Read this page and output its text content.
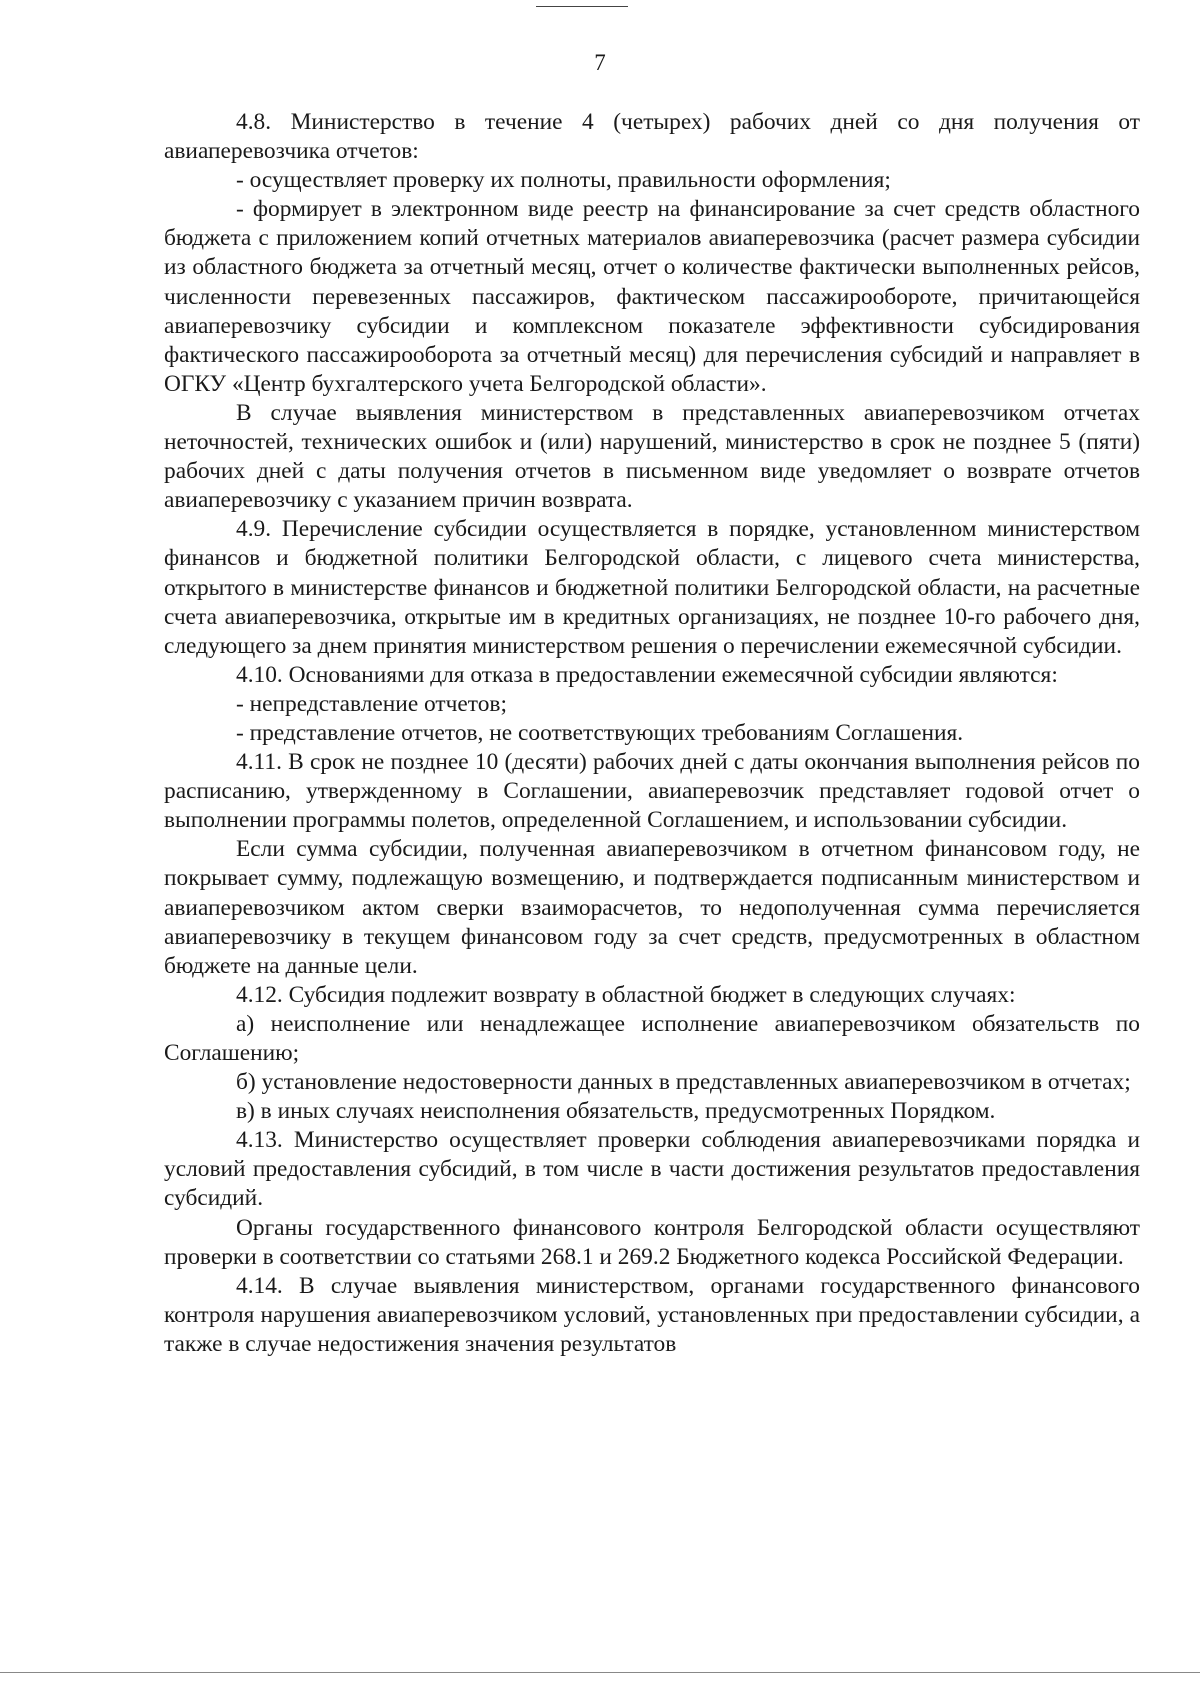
7

4.8. Министерство в течение 4 (четырех) рабочих дней со дня получения от авиаперевозчика отчетов:

- осуществляет проверку их полноты, правильности оформления;

- формирует в электронном виде реестр на финансирование за счет средств областного бюджета с приложением копий отчетных материалов авиаперевозчика (расчет размера субсидии из областного бюджета за отчетный месяц, отчет о количестве фактически выполненных рейсов, численности перевезенных пассажиров, фактическом пассажирообороте, причитающейся авиаперевозчику субсидии и комплексном показателе эффективности субсидирования фактического пассажирооборота за отчетный месяц) для перечисления субсидий и направляет в ОГКУ «Центр бухгалтерского учета Белгородской области».

В случае выявления министерством в представленных авиаперевозчиком отчетах неточностей, технических ошибок и (или) нарушений, министерство в срок не позднее 5 (пяти) рабочих дней с даты получения отчетов в письменном виде уведомляет о возврате отчетов авиаперевозчику с указанием причин возврата.

4.9. Перечисление субсидии осуществляется в порядке, установленном министерством финансов и бюджетной политики Белгородской области, с лицевого счета министерства, открытого в министерстве финансов и бюджетной политики Белгородской области, на расчетные счета авиаперевозчика, открытые им в кредитных организациях, не позднее 10-го рабочего дня, следующего за днем принятия министерством решения о перечислении ежемесячной субсидии.

4.10. Основаниями для отказа в предоставлении ежемесячной субсидии являются:

- непредставление отчетов;

- представление отчетов, не соответствующих требованиям Соглашения.

4.11. В срок не позднее 10 (десяти) рабочих дней с даты окончания выполнения рейсов по расписанию, утвержденному в Соглашении, авиаперевозчик представляет годовой отчет о выполнении программы полетов, определенной Соглашением, и использовании субсидии.

Если сумма субсидии, полученная авиаперевозчиком в отчетном финансовом году, не покрывает сумму, подлежащую возмещению, и подтверждается подписанным министерством и авиаперевозчиком актом сверки взаиморасчетов, то недополученная сумма перечисляется авиаперевозчику в текущем финансовом году за счет средств, предусмотренных в областном бюджете на данные цели.

4.12. Субсидия подлежит возврату в областной бюджет в следующих случаях:

а) неисполнение или ненадлежащее исполнение авиаперевозчиком обязательств по Соглашению;

б) установление недостоверности данных в представленных авиаперевозчиком в отчетах;

в) в иных случаях неисполнения обязательств, предусмотренных Порядком.

4.13. Министерство осуществляет проверки соблюдения авиаперевозчиками порядка и условий предоставления субсидий, в том числе в части достижения результатов предоставления субсидий.

Органы государственного финансового контроля Белгородской области осуществляют проверки в соответствии со статьями 268.1 и 269.2 Бюджетного кодекса Российской Федерации.

4.14. В случае выявления министерством, органами государственного финансового контроля нарушения авиаперевозчиком условий, установленных при предоставлении субсидии, а также в случае недостижения значения результатов
